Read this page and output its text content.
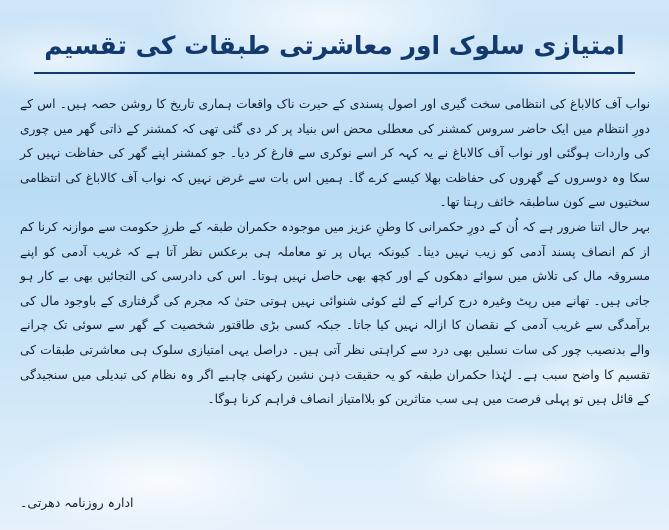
امتیازی سلوک اور معاشرتی طبقات کی تقسیم

نواب آف کالاباغ کی انتظامی سخت گیری اور اصول پسندی کے حیرت ناک واقعات ہماری تاریخ کا روشن حصہ ہیں۔ اس کے دورِ انتظام میں ایک حاضر سروس کمشنر کی معطلی محض اس بنیاد پر کر دی گئی تھی کہ کمشنر کے ذاتی گھر میں چوری کی واردات ہوگئی اور نواب آف کالاباغ نے یہ کہہ کر اسے نوکری سے فارغ کر دیا۔ جو کمشنر اپنے گھر کی حفاظت نہیں کر سکا وہ دوسروں کے گھروں کی حفاظت بھلا کیسے کرے گا۔ ہمیں اس بات سے غرض نہیں کہ نواب آف کالاباغ کی انتظامی سختیوں سے کون ساطبقہ خائف رہتا تھا۔

بہر حال اتنا ضرور ہے کہ اُن کے دورِ حکمرانی کا وطنِ عزیز میں موجودہ حکمران طبقہ کے طرزِ حکومت سے موازنہ کرنا کم از کم انصاف پسند آدمی کو زیب نہیں دیتا۔ کیونکہ یہاں پر تو معاملہ ہی برعکس نظر آتا ہے کہ غریب آدمی کو اپنے مسروقہ مال کی تلاش میں سوائے دھکوں کے اور کچھ بھی حاصل نہیں ہوتا۔ اس کی دادرسی کی التجائیں بھی بے کار ہو جاتی ہیں۔ تھانے میں رپٹ وغیرہ درج کرانے کے لئے کوئی شنوائی نہیں ہوتی حتیٰ کہ مجرم کی گرفتاری کے باوجود مال کی برآمدگی سے غریب آدمی کے نقصان کا ازالہ نہیں کیا جاتا۔ جبکہ کسی بڑی طاقتور شخصیت کے گھر سے سوئی تک چرانے والے بدنصیب چور کی سات نسلیں بھی درد سے کراہتی نظر آتی ہیں۔ دراصل یہی امتیازی سلوک ہی معاشرتی طبقات کی تقسیم کا واضح سبب ہے۔ لہٰذا حکمران طبقہ کو یہ حقیقت ذہن نشین رکھنی چاہیے اگر وہ نظام کی تبدیلی میں سنجیدگی کے قائل ہیں تو پہلی فرصت میں ہی سب متاثرین کو بلاامتیاز انصاف فراہم کرنا ہوگا۔

ادارہ روزنامہ دھرتی۔
